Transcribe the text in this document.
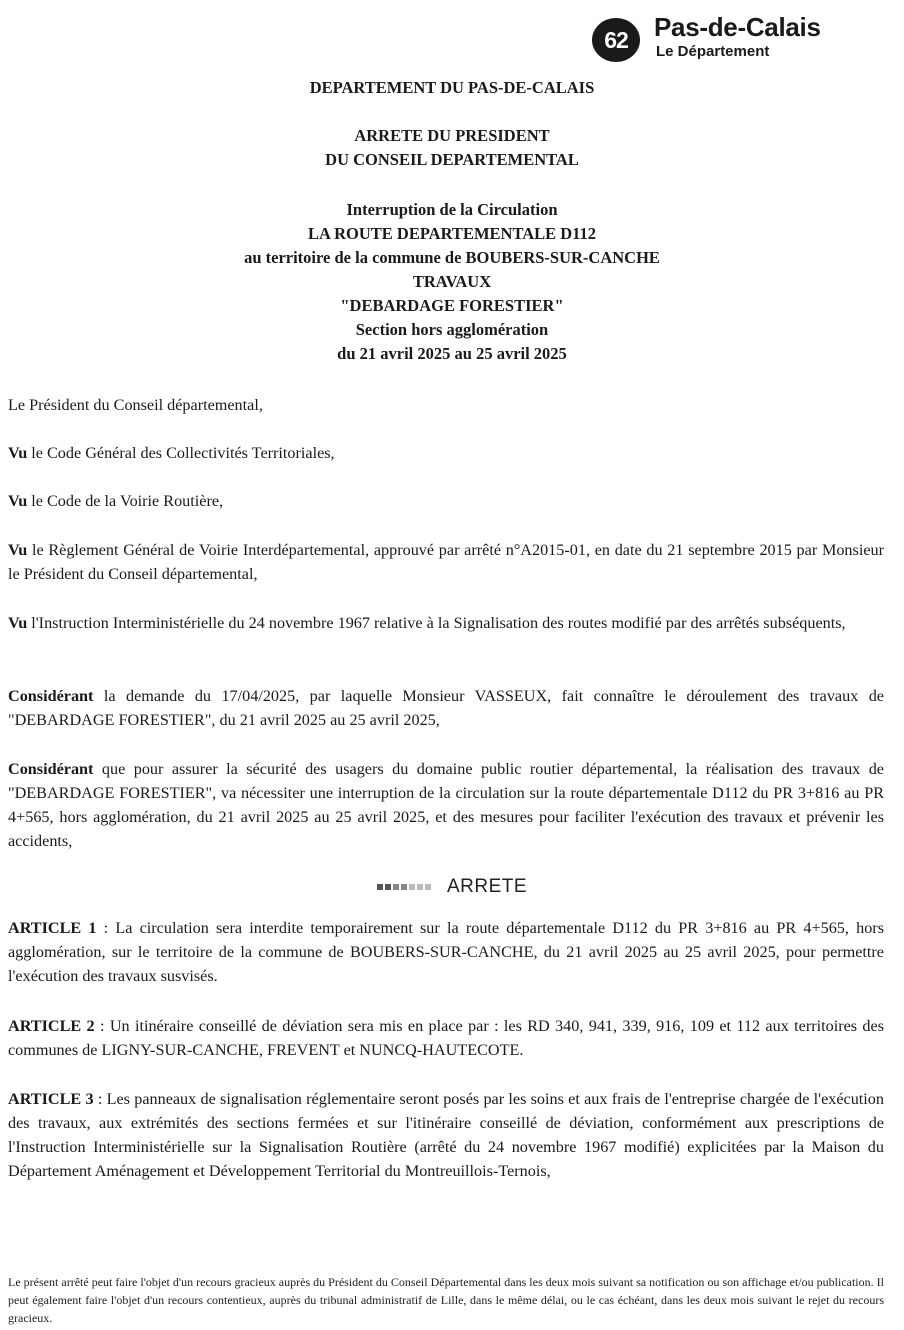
62	Pas-de-Calais
Le Département
DEPARTEMENT DU PAS-DE-CALAIS
ARRETE DU PRESIDENT
DU CONSEIL DEPARTEMENTAL
Interruption de la Circulation
LA ROUTE DEPARTEMENTALE D112
au territoire de la commune de BOUBERS-SUR-CANCHE
TRAVAUX
"DEBARDAGE FORESTIER"
Section hors agglomération
du 21 avril 2025 au 25 avril 2025
Le Président du Conseil départemental,
Vu le Code Général des Collectivités Territoriales,
Vu le Code de la Voirie Routière,
Vu le Règlement Général de Voirie Interdépartemental, approuvé par arrêté n°A2015-01, en date du 21 septembre 2015 par Monsieur le Président du Conseil départemental,
Vu l'Instruction Interministérielle du 24 novembre 1967 relative à la Signalisation des routes modifié par des arrêtés subséquents,
Considérant la demande du 17/04/2025, par laquelle Monsieur VASSEUX, fait connaître le déroulement des travaux de "DEBARDAGE FORESTIER", du 21 avril 2025 au 25 avril 2025,
Considérant que pour assurer la sécurité des usagers du domaine public routier départemental, la réalisation des travaux de "DEBARDAGE FORESTIER", va nécessiter une interruption de la circulation sur la route départementale D112 du PR 3+816 au PR 4+565, hors agglomération, du 21 avril 2025 au 25 avril 2025, et des mesures pour faciliter l'exécution des travaux et prévenir les accidents,
ARRETE
ARTICLE 1 : La circulation sera interdite temporairement sur la route départementale D112 du PR 3+816 au PR 4+565, hors agglomération, sur le territoire de la commune de BOUBERS-SUR-CANCHE, du 21 avril 2025 au 25 avril 2025, pour permettre l'exécution des travaux susvisés.
ARTICLE 2 : Un itinéraire conseillé de déviation sera mis en place par : les RD 340, 941, 339, 916, 109 et 112 aux territoires des communes de LIGNY-SUR-CANCHE, FREVENT et NUNCQ-HAUTECOTE.
ARTICLE 3 : Les panneaux de signalisation réglementaire seront posés par les soins et aux frais de l'entreprise chargée de l'exécution des travaux, aux extrémités des sections fermées et sur l'itinéraire conseillé de déviation, conformément aux prescriptions de l'Instruction Interministérielle sur la Signalisation Routière (arrêté du 24 novembre 1967 modifié) explicitées par la Maison du Département Aménagement et Développement Territorial du Montreuillois-Ternois,
Le présent arrêté peut faire l'objet d'un recours gracieux auprès du Président du Conseil Départemental dans les deux mois suivant sa notification ou son affichage et/ou publication. Il peut également faire l'objet d'un recours contentieux, auprès du tribunal administratif de Lille, dans le même délai, ou le cas échéant, dans les deux mois suivant le rejet du recours gracieux.
